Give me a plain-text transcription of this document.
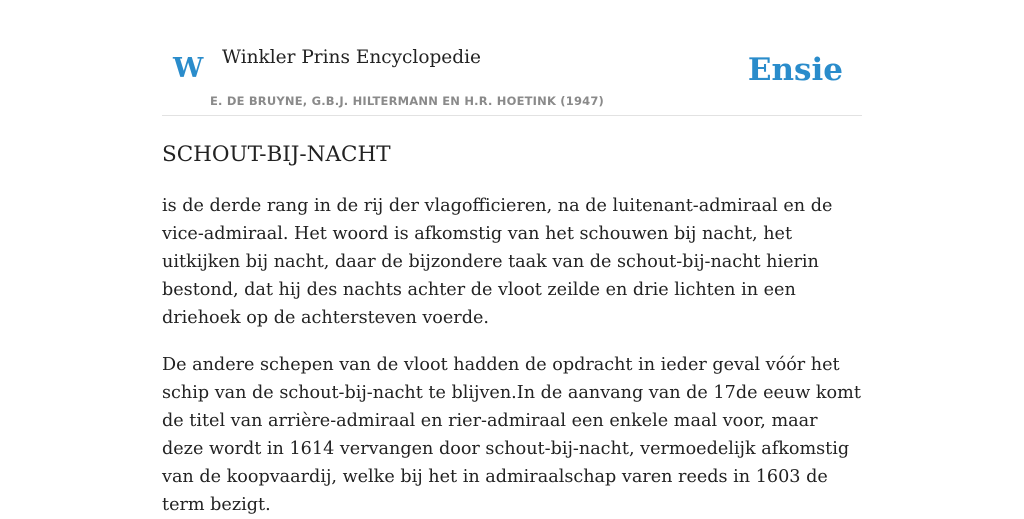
W Winkler Prins Encyclopedie
E. DE BRUYNE, G.B.J. HILTERMANN EN H.R. HOETINK (1947)
Ensie
SCHOUT-BIJ-NACHT

is de derde rang in de rij der vlagofficieren, na de luitenant-admiraal en de vice-admiraal. Het woord is afkomstig van het schouwen bij nacht, het uitkijken bij nacht, daar de bijzondere taak van de schout-bij-nacht hierin bestond, dat hij des nachts achter de vloot zeilde en drie lichten in een driehoek op de achtersteven voerde.

De andere schepen van de vloot hadden de opdracht in ieder geval vóór het schip van de schout-bij-nacht te blijven.In de aanvang van de 17de eeuw komt de titel van arrière-admiraal en rier-admiraal een enkele maal voor, maar deze wordt in 1614 vervangen door schout-bij-nacht, vermoedelijk afkomstig van de koopvaardij, welke bij het in admiraalschap varen reeds in 1603 de term bezigt.
